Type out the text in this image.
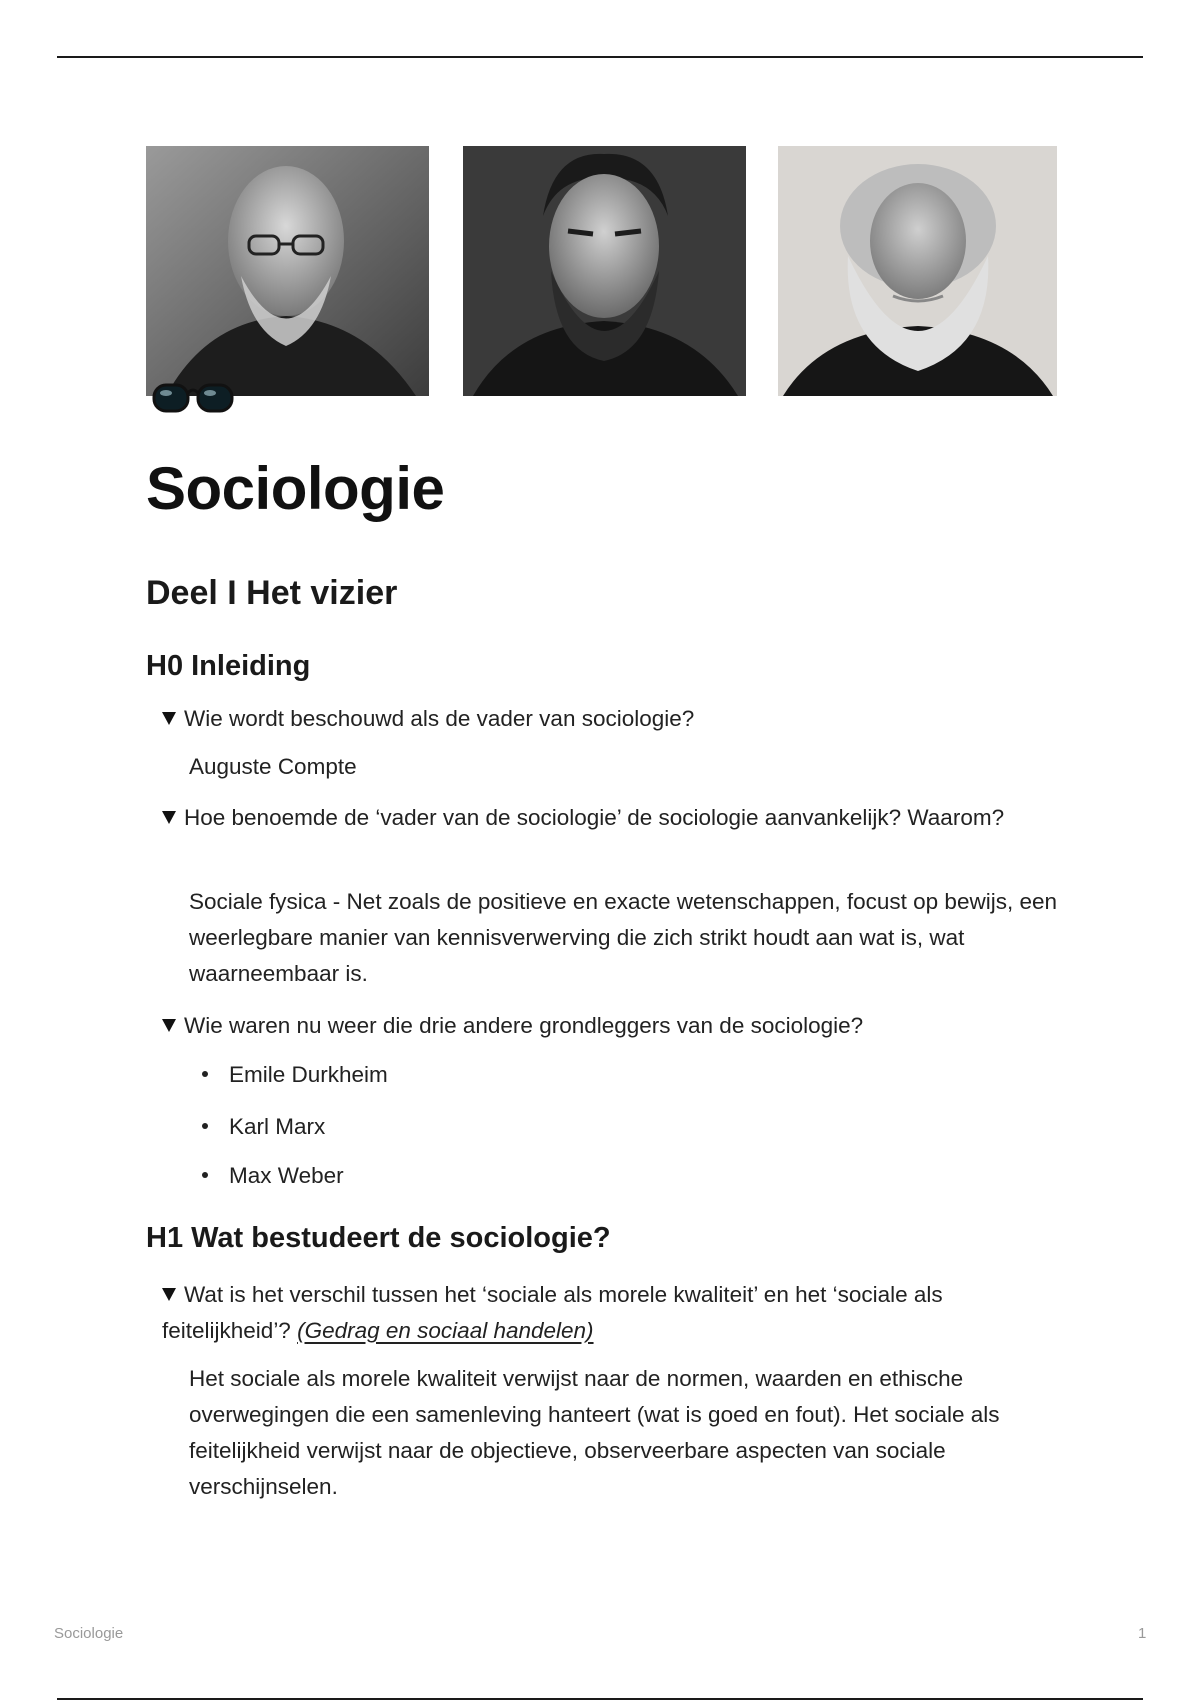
Sociologie
Deel I Het vizier
H0 Inleiding
Wie wordt beschouwd als de vader van sociologie?
Auguste Compte
Hoe benoemde de ‘vader van de sociologie’ de sociologie aanvankelijk? Waarom?
Sociale fysica - Net zoals de positieve en exacte wetenschappen, focust op bewijs, een weerlegbare manier van kennisverwerving die zich strikt houdt aan wat is, wat waarneembaar is.
Wie waren nu weer die drie andere grondleggers van de sociologie?
Emile Durkheim
Karl Marx
Max Weber
H1 Wat bestudeert de sociologie?
Wat is het verschil tussen het ‘sociale als morele kwaliteit’ en het ‘sociale als feitelijkheid’? (Gedrag en sociaal handelen)
Het sociale als morele kwaliteit verwijst naar de normen, waarden en ethische overwegingen die een samenleving hanteert (wat is goed en fout). Het sociale als feitelijkheid verwijst naar de objectieve, observeerbare aspecten van sociale verschijnselen.
Sociologie	1
